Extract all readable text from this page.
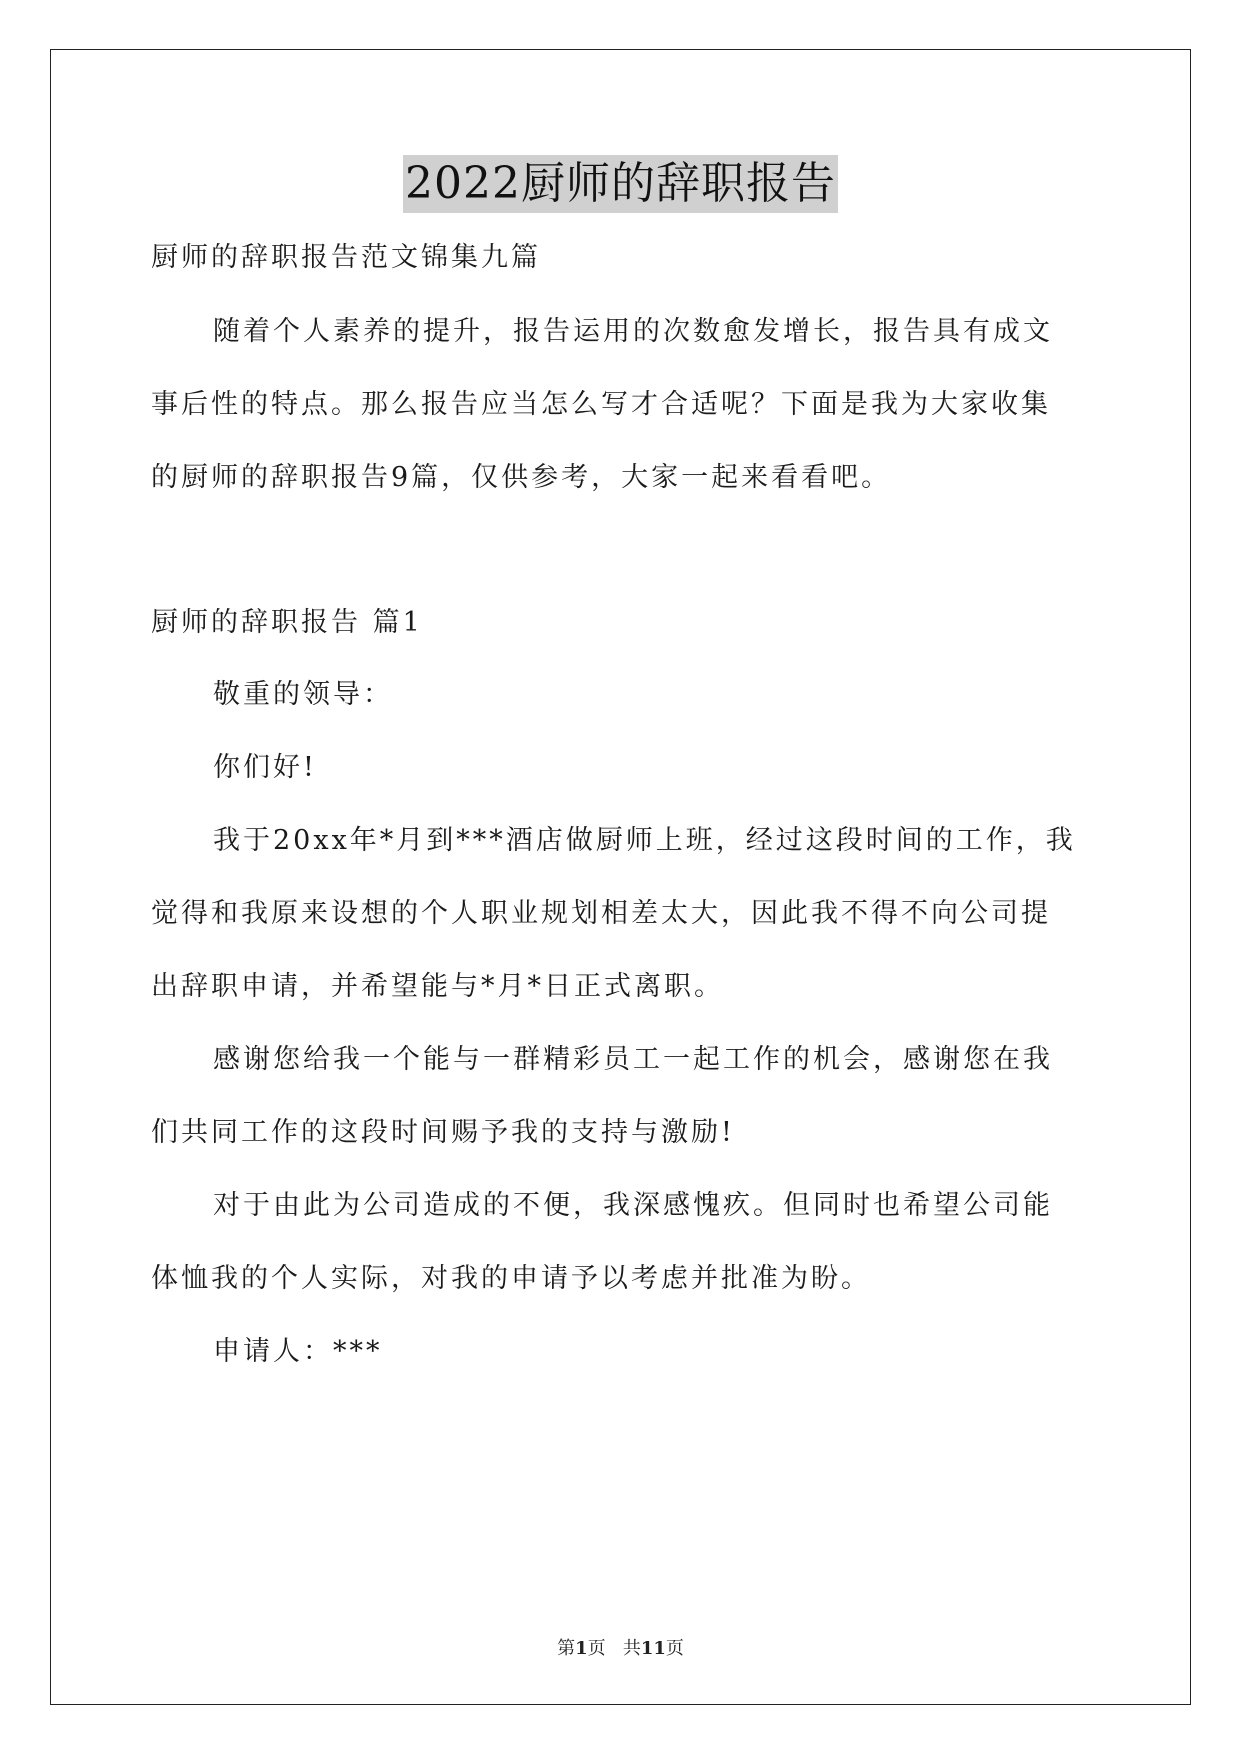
2022厨师的辞职报告
厨师的辞职报告范文锦集九篇
随着个人素养的提升，报告运用的次数愈发增长，报告具有成文
事后性的特点。那么报告应当怎么写才合适呢？下面是我为大家收集
的厨师的辞职报告9篇，仅供参考，大家一起来看看吧。
厨师的辞职报告 篇1
敬重的领导：
你们好!
我于20xx年*月到***酒店做厨师上班，经过这段时间的工作，我
觉得和我原来设想的个人职业规划相差太大，因此我不得不向公司提
出辞职申请，并希望能与*月*日正式离职。
感谢您给我一个能与一群精彩员工一起工作的机会，感谢您在我
们共同工作的这段时间赐予我的支持与激励!
对于由此为公司造成的不便，我深感愧疚。但同时也希望公司能
体恤我的个人实际，对我的申请予以考虑并批准为盼。
申请人：***
第1页 共11页
